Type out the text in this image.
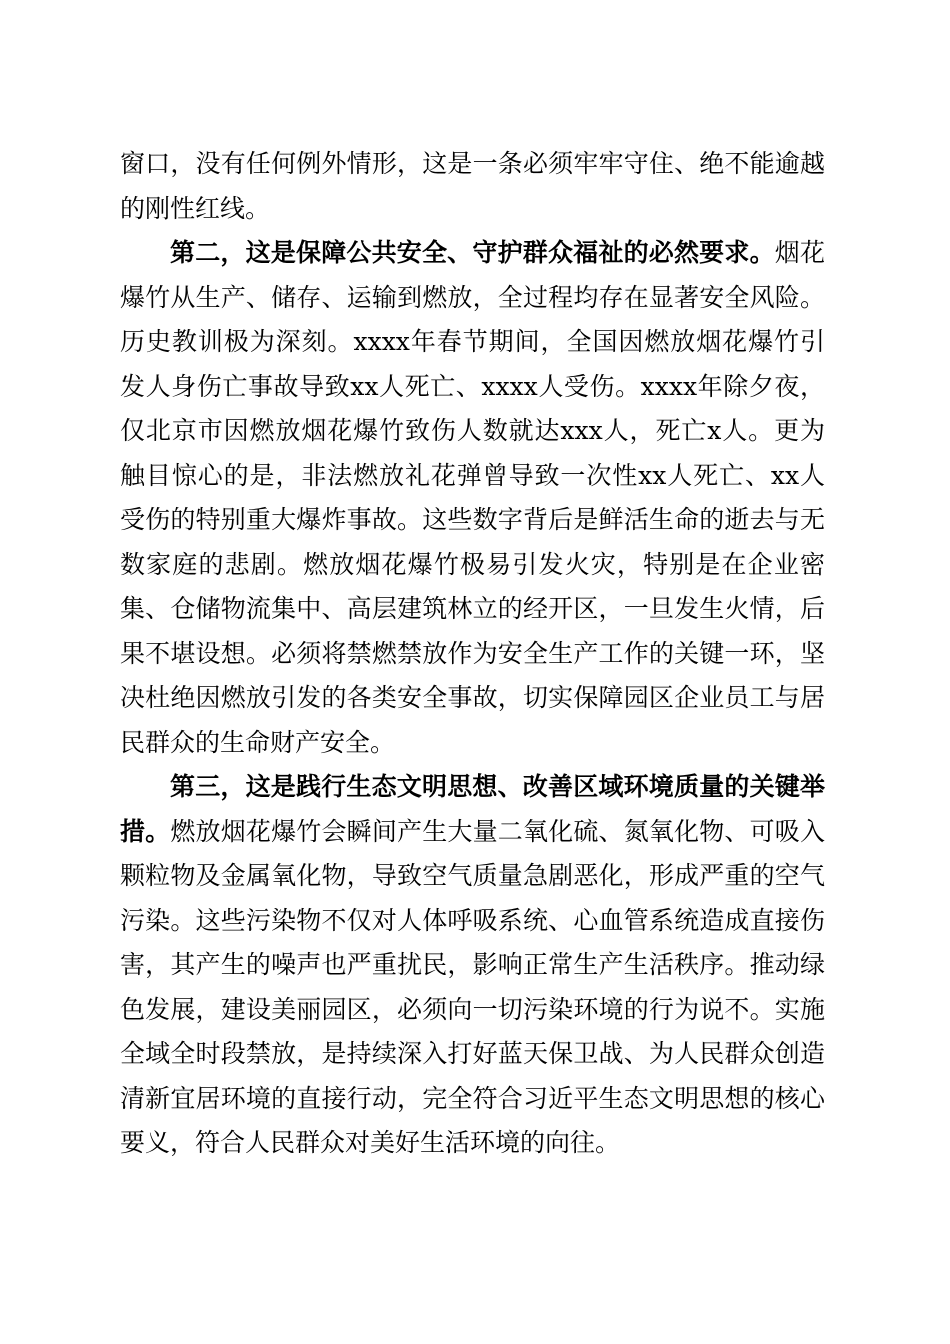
窗口，没有任何例外情形，这是一条必须牢牢守住、绝不能逾越的刚性红线。

第二，这是保障公共安全、守护群众福祉的必然要求。烟花爆竹从生产、储存、运输到燃放，全过程均存在显著安全风险。历史教训极为深刻。xxxx年春节期间，全国因燃放烟花爆竹引发人身伤亡事故导致xx人死亡、xxxx人受伤。xxxx年除夕夜，仅北京市因燃放烟花爆竹致伤人数就达xxx人，死亡x人。更为触目惊心的是，非法燃放礼花弹曾导致一次性xx人死亡、xx人受伤的特别重大爆炸事故。这些数字背后是鲜活生命的逝去与无数家庭的悲剧。燃放烟花爆竹极易引发火灾，特别是在企业密集、仓储物流集中、高层建筑林立的经开区，一旦发生火情，后果不堪设想。必须将禁燃禁放作为安全生产工作的关键一环，坚决杜绝因燃放引发的各类安全事故，切实保障园区企业员工与居民群众的生命财产安全。

第三，这是践行生态文明思想、改善区域环境质量的关键举措。燃放烟花爆竹会瞬间产生大量二氧化硫、氮氧化物、可吸入颗粒物及金属氧化物，导致空气质量急剧恶化，形成严重的空气污染。这些污染物不仅对人体呼吸系统、心血管系统造成直接伤害，其产生的噪声也严重扰民，影响正常生产生活秩序。推动绿色发展，建设美丽园区，必须向一切污染环境的行为说不。实施全域全时段禁放，是持续深入打好蓝天保卫战、为人民群众创造清新宜居环境的直接行动，完全符合习近平生态文明思想的核心要义，符合人民群众对美好生活环境的向往。
